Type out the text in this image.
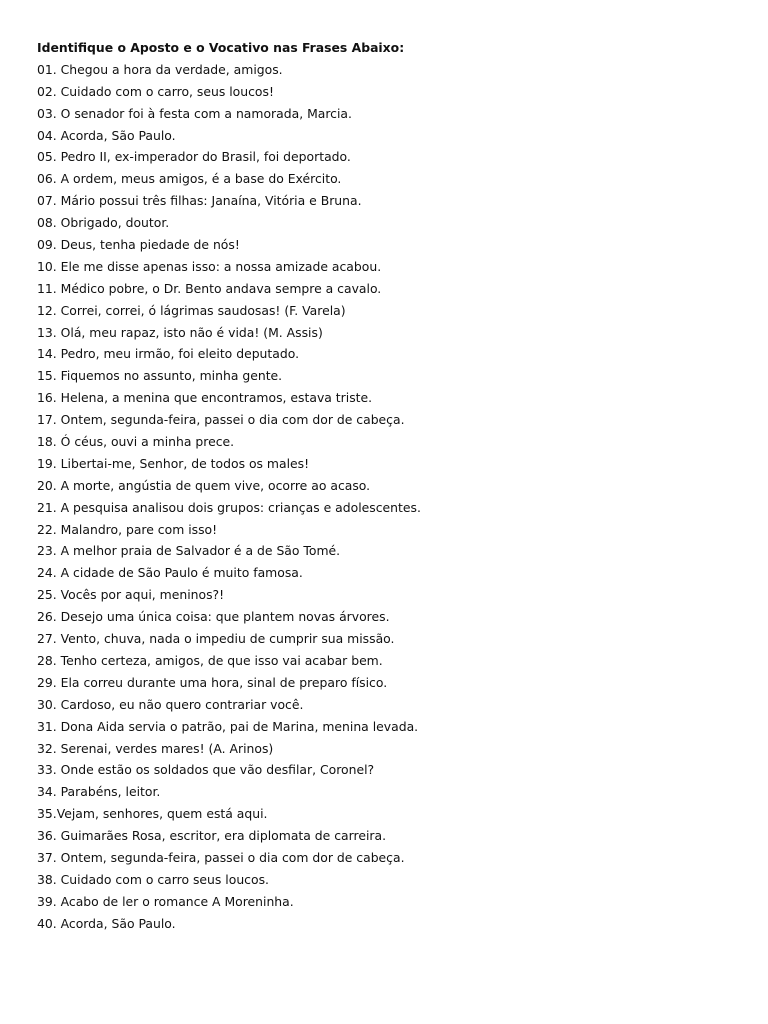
Identifique o Aposto e o Vocativo nas Frases Abaixo:
01. Chegou a hora da verdade, amigos.
02. Cuidado com o carro, seus loucos!
03. O senador foi à festa com a namorada, Marcia.
04. Acorda, São Paulo.
05. Pedro II, ex-imperador do Brasil, foi deportado.
06. A ordem, meus amigos, é a base do Exército.
07. Mário possui três filhas: Janaína, Vitória e Bruna.
08. Obrigado, doutor.
09. Deus, tenha piedade de nós!
10. Ele me disse apenas isso: a nossa amizade acabou.
11. Médico pobre, o Dr. Bento andava sempre a cavalo.
12. Correi, correi, ó lágrimas saudosas! (F. Varela)
13. Olá, meu rapaz, isto não é vida! (M. Assis)
14. Pedro, meu irmão, foi eleito deputado.
15. Fiquemos no assunto, minha gente.
16. Helena, a menina que encontramos, estava triste.
17. Ontem, segunda-feira, passei o dia com dor de cabeça.
18. Ó céus, ouvi a minha prece.
19. Libertai-me, Senhor, de todos os males!
20. A morte, angústia de quem vive, ocorre ao acaso.
21. A pesquisa analisou dois grupos: crianças e adolescentes.
22. Malandro, pare com isso!
23. A melhor praia de Salvador é a de São Tomé.
24. A cidade de São Paulo é muito famosa.
25. Vocês por aqui, meninos?!
26. Desejo uma única coisa: que plantem novas árvores.
27. Vento, chuva, nada o impediu de cumprir sua missão.
28. Tenho certeza, amigos, de que isso vai acabar bem.
29. Ela correu durante uma hora, sinal de preparo físico.
30. Cardoso, eu não quero contrariar você.
31. Dona Aida servia o patrão, pai de Marina, menina levada.
32. Serenai, verdes mares! (A. Arinos)
33. Onde estão os soldados que vão desfilar, Coronel?
34. Parabéns, leitor.
35.Vejam, senhores, quem está aqui.
36. Guimarães Rosa, escritor, era diplomata de carreira.
37. Ontem, segunda-feira, passei o dia com dor de cabeça.
38. Cuidado com o carro seus loucos.
39. Acabo de ler o romance A Moreninha.
40. Acorda, São Paulo.
